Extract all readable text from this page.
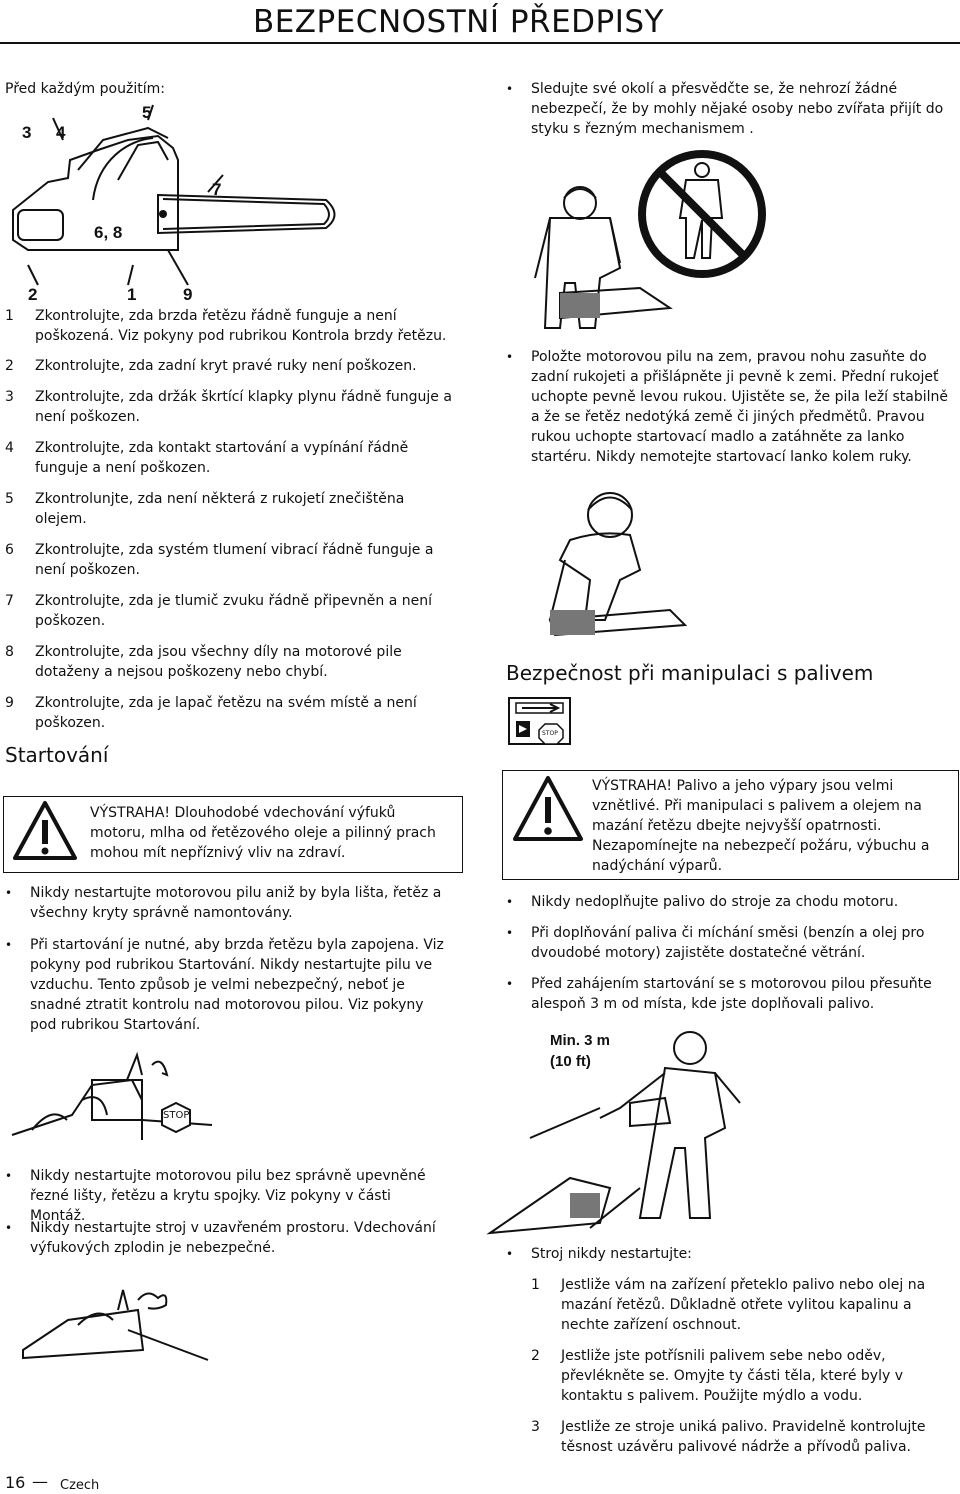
BEZPECNOSTNÍ PŘEDPISY
Před každým použitím:
3 4
5
7
6, 8
2	1	9
1	Zkontrolujte, zda brzda řetězu řádně funguje a není poškozená. Viz pokyny pod rubrikou Kontrola brzdy řetězu.
2	Zkontrolujte, zda zadní kryt pravé ruky není poškozen.
3	Zkontrolujte, zda držák škrtící klapky plynu řádně funguje a není poškozen.
4	Zkontrolujte, zda kontakt startování a vypínání řádně funguje a není poškozen.
5	Zkontrolunjte, zda není některá z rukojetí znečištěna olejem.
6	Zkontrolujte, zda systém tlumení vibrací řádně funguje a není poškozen.
7	Zkontrolujte, zda je tlumič zvuku řádně připevněn a není poškozen.
8	Zkontrolujte, zda jsou všechny díly na motorové pile dotaženy a nejsou poškozeny nebo chybí.
9	Zkontrolujte, zda je lapač řetězu na svém místě a není poškozen.
Startování
VÝSTRAHA! Dlouhodobé vdechování výfuků motoru, mlha od řetězového oleje a pilinný prach mohou mít nepříznivý vliv na zdraví.
•	Nikdy nestartujte motorovou pilu aniž by byla lišta, řetěz a všechny kryty správně namontovány.
•	Při startování je nutné, aby brzda řetězu byla zapojena. Viz pokyny pod rubrikou Startování. Nikdy nestartujte pilu ve vzduchu. Tento způsob je velmi nebezpečný, neboť je snadné ztratit kontrolu nad motorovou pilou. Viz pokyny pod rubrikou Startování.
STOP
•	Nikdy nestartujte motorovou pilu bez správně upevněné řezné lišty, řetězu a krytu spojky. Viz pokyny v části Montáž.
•	Nikdy nestartujte stroj v uzavřeném prostoru. Vdechování výfukových zplodin je nebezpečné.
16 — Czech
•	Sledujte své okolí a přesvědčte se, že nehrozí žádné nebezpečí, že by mohly nějaké osoby nebo zvířata přijít do styku s řezným mechanismem .
•	Položte motorovou pilu na zem, pravou nohu zasuňte do zadní rukojeti a přišlápněte ji pevně k zemi. Přední rukojeť uchopte pevně levou rukou. Ujistěte se, že pila leží stabilně a že se řetěz nedotýká země či jiných předmětů. Pravou rukou uchopte startovací madlo a zatáhněte za lanko startéru. Nikdy nemotejte startovací lanko kolem ruky.
Bezpečnost při manipulaci s palivem
STOP
VÝSTRAHA! Palivo a jeho výpary jsou velmi vznětlivé. Při manipulaci s palivem a olejem na mazání řetězu dbejte nejvyšší opatrnosti. Nezapomínejte na nebezpečí požáru, výbuchu a nadýchání výparů.
•	Nikdy nedoplňujte palivo do stroje za chodu motoru.
•	Při doplňování paliva či míchání směsi (benzín a olej pro dvoudobé motory) zajistěte dostatečné větrání.
•	Před zahájením startování se s motorovou pilou přesuňte alespoň 3 m od místa, kde jste doplňovali palivo.
Min. 3 m
(10 ft)
•	Stroj nikdy nestartujte:
1	Jestliže vám na zařízení přeteklo palivo nebo olej na mazání řetězů. Důkladně otřete vylitou kapalinu a nechte zařízení oschnout.
2	Jestliže jste potřísnili palivem sebe nebo oděv, převlékněte se. Omyjte ty části těla, které byly v kontaktu s palivem. Použijte mýdlo a vodu.
3	Jestliže ze stroje uniká palivo. Pravidelně kontrolujte těsnost uzávěru palivové nádrže a přívodů paliva.
